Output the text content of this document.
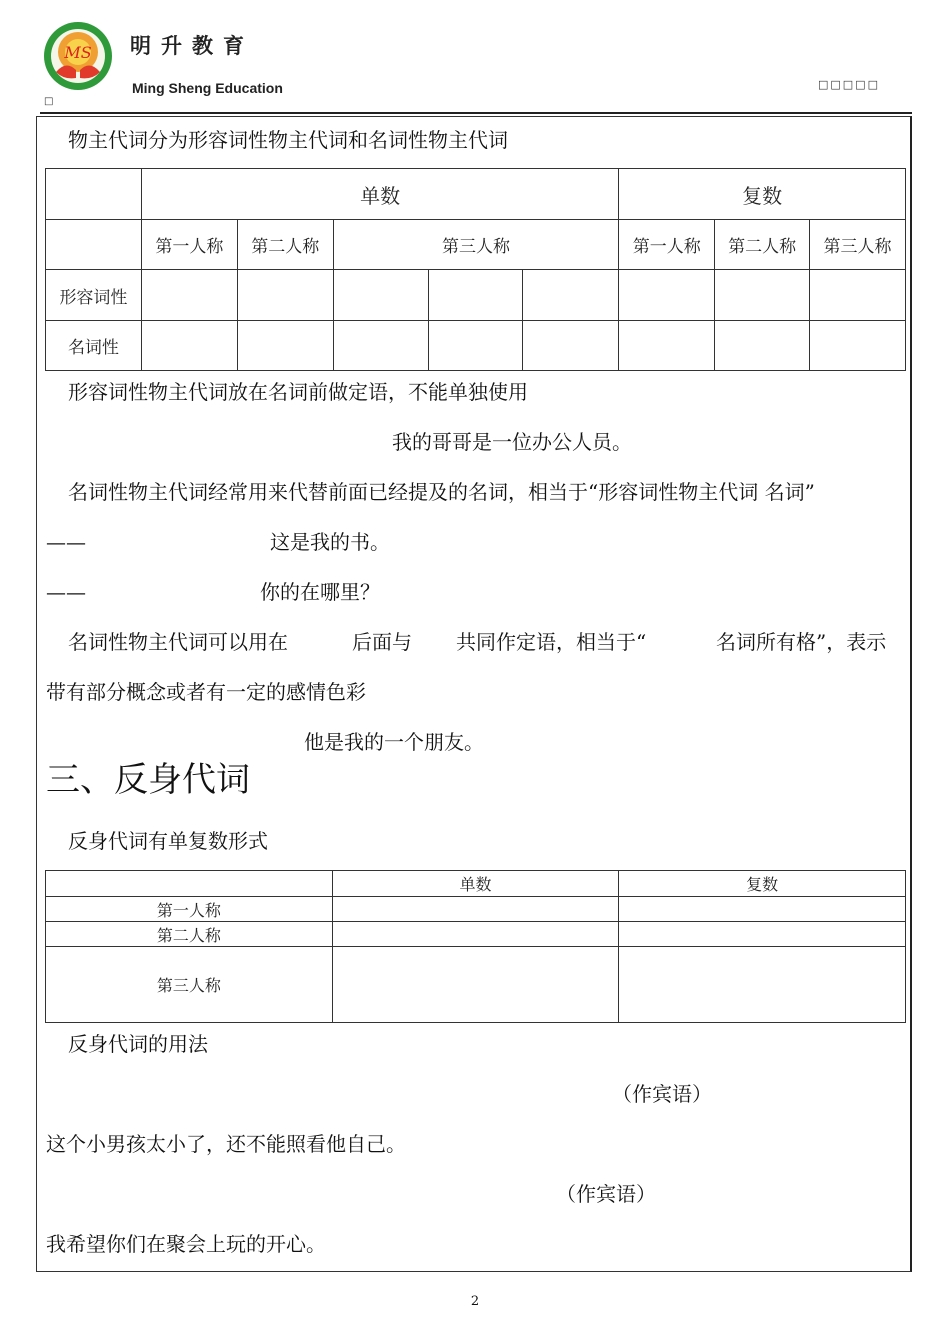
MS 明升教育
Ming Sheng Education	□□□□□
□
物主代词分为形容词性物主代词和名词性物主代词
	单数					复数		
	第一人称	第二人称	第三人称			第一人称	第二人称	第三人称
形容词性								
名词性								
形容词性物主代词放在名词前做定语，不能单独使用
我的哥哥是一位办公人员。
名词性物主代词经常用来代替前面已经提及的名词，相当于“形容词性物主代词 名词”
——	这是我的书。
——	你的在哪里？
名词性物主代词可以用在	后面与 共同作定语，相当于“	名词所有格”，表示
带有部分概念或者有一定的感情色彩
他是我的一个朋友。
三、反身代词
反身代词有单复数形式
	单数	复数
第一人称		
第二人称		
第三人称		
反身代词的用法
（作宾语）
这个小男孩太小了，还不能照看他自己。
（作宾语）
我希望你们在聚会上玩的开心。
2
